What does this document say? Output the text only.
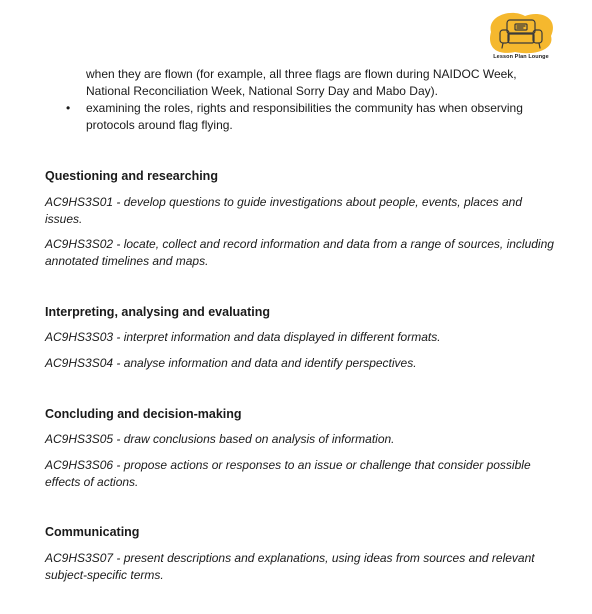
Lesson Plan Lounge
when they are flown (for example, all three flags are flown during NAIDOC Week, National Reconciliation Week, National Sorry Day and Mabo Day).
• examining the roles, rights and responsibilities the community has when observing protocols around flag flying.
Questioning and researching
AC9HS3S01 - develop questions to guide investigations about people, events, places and issues.
AC9HS3S02 - locate, collect and record information and data from a range of sources, including annotated timelines and maps.
Interpreting, analysing and evaluating
AC9HS3S03 - interpret information and data displayed in different formats.
AC9HS3S04 - analyse information and data and identify perspectives.
Concluding and decision-making
AC9HS3S05 - draw conclusions based on analysis of information.
AC9HS3S06 - propose actions or responses to an issue or challenge that consider possible effects of actions.
Communicating
AC9HS3S07 - present descriptions and explanations, using ideas from sources and relevant subject-specific terms.
